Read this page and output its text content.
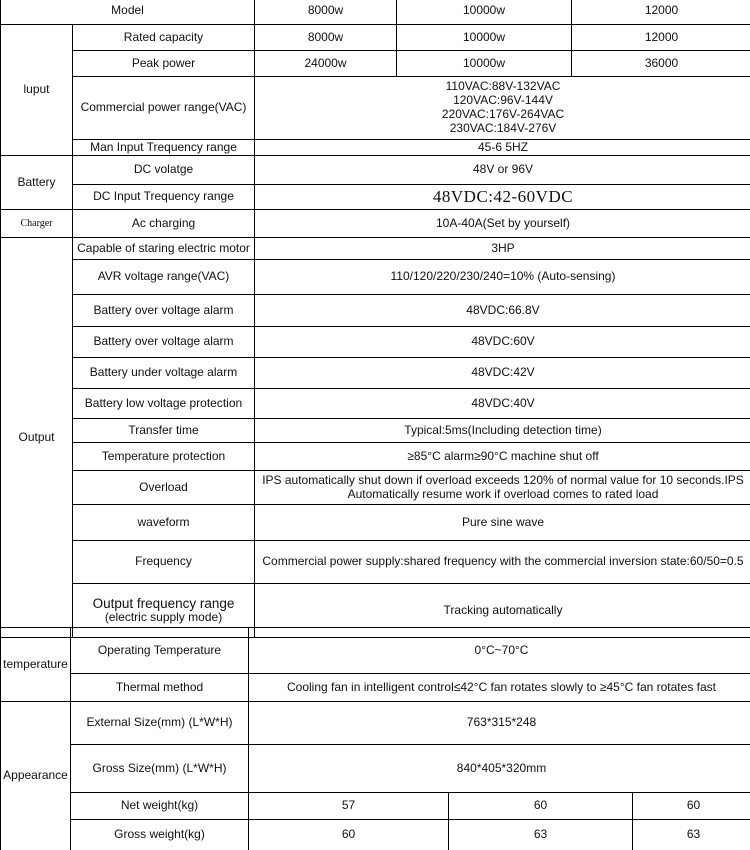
Model		8000w	10000w	12000
luput	Rated capacity	8000w	10000w	12000
	Peak power	24000w	10000w	36000
	Commercial power range(VAC)	110VAC:88V-132VAC
120VAC:96V-144V
220VAC:176V-264VAC
230VAC:184V-276V		

	Man Input Trequency range	45-6 5HZ		
Battery	DC volatge	48V or 96V		
	DC Input Trequency range	48VDC:42-60VDC		
Charger	Ac charging	10A-40A(Set by yourself)		
Output	Capable of staring electric motor	3HP		
	AVR voltage range(VAC)	110/120/220/230/240=10% (Auto-sensing)		
	Battery over voltage alarm	48VDC:66.8V		
	Battery over voltage alarm	48VDC:60V		
	Battery under voltage alarm	48VDC:42V		
	Battery low voltage protection	48VDC:40V		
	Transfer time	Typical:5ms(Including detection time)		
	Temperature protection	≥85°C alarm≥90°C machine shut off		
	Overload	IPS automatically shut down if overload exceeds 120% of normal value for 10 seconds.IPS
Automatically resume work if overload comes to rated load		
	waveform	Pure sine wave		
	Frequency	Commercial power supply:shared frequency with the commercial inversion state:60/50=0.5		

	Output frequency range
(electric supply mode)	Tracking automatically		
temperature	Operating Temperature	0°C~70°C		
	Thermal method	Cooling fan in intelligent control≤42°C fan rotates slowly to ≥45°C fan rotates fast		
Appearance	External Size(mm) (L*W*H)	763*315*248		
	Gross Size(mm) (L*W*H)	840*405*320mm		
	Net weight(kg)	57	60	60
	Gross weight(kg)	60	63	63
